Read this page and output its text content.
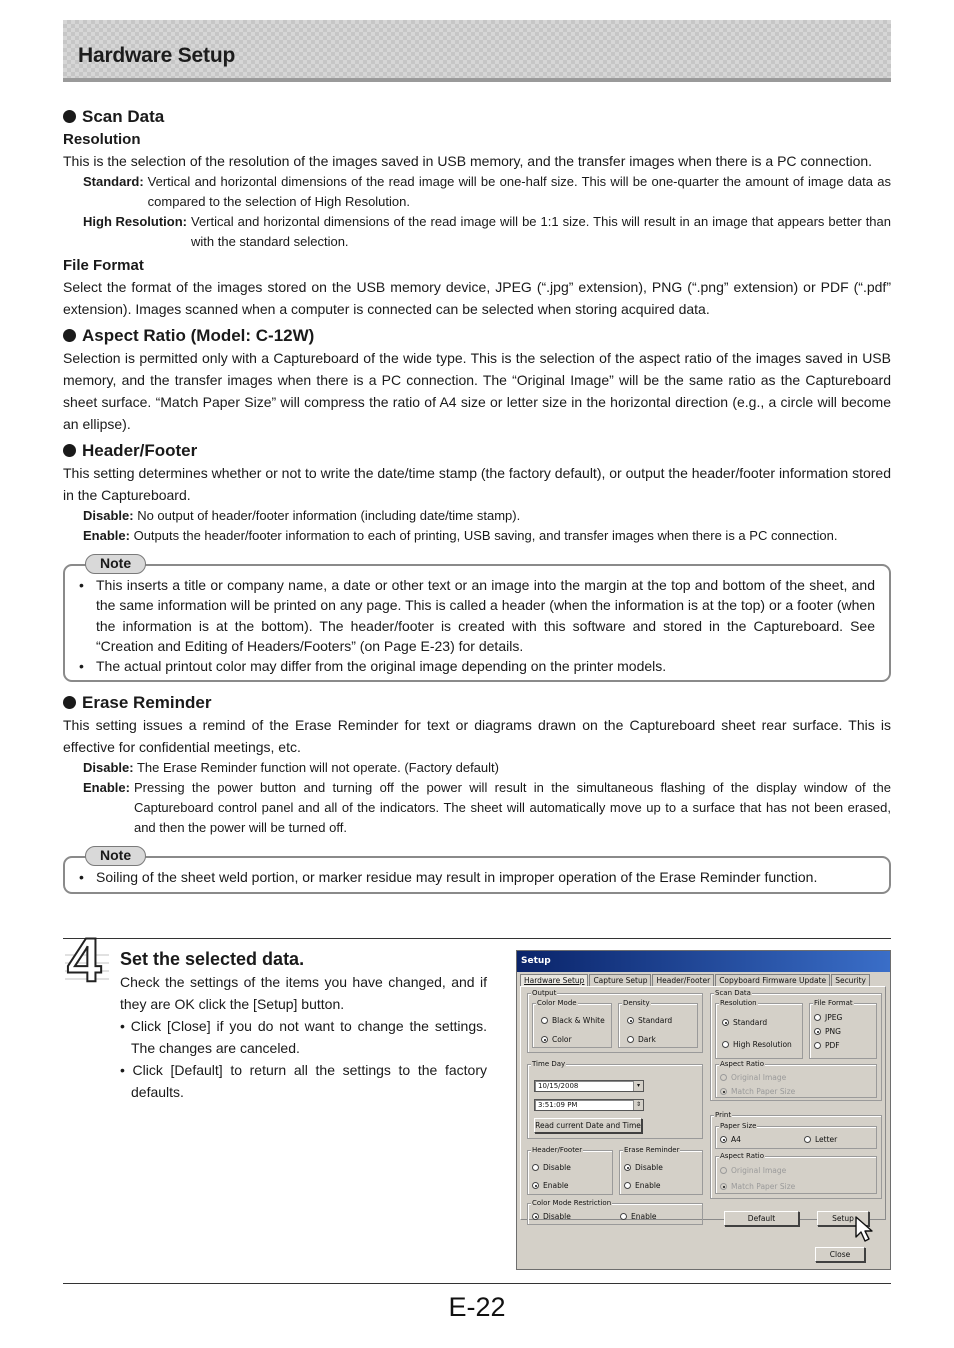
Hardware Setup
Scan Data
Resolution
This is the selection of the resolution of the images saved in USB memory, and the transfer images when there is a PC connection.
Standard: Vertical and horizontal dimensions of the read image will be one-half size. This will be one-quarter the amount of image data as compared to the selection of High Resolution.
High Resolution: Vertical and horizontal dimensions of the read image will be 1:1 size. This will result in an image that appears better than with the standard selection.
File Format
Select the format of the images stored on the USB memory device, JPEG (“.jpg” extension), PNG (“.png” extension) or PDF (“.pdf” extension). Images scanned when a computer is connected can be selected when storing acquired data.
Aspect Ratio (Model: C-12W)
Selection is permitted only with a Captureboard of the wide type. This is the selection of the aspect ratio of the images saved in USB memory, and the transfer images when there is a PC connection. The “Original Image” will be the same ratio as the Captureboard sheet surface. “Match Paper Size” will compress the ratio of A4 size or letter size in the horizontal direction (e.g., a circle will become an ellipse).
Header/Footer
This setting determines whether or not to write the date/time stamp (the factory default), or output the header/footer information stored in the Captureboard.
Disable: No output of header/footer information (including date/time stamp).
Enable: Outputs the header/footer information to each of printing, USB saving, and transfer images when there is a PC connection.
Note
• This inserts a title or company name, a date or other text or an image into the margin at the top and bottom of the sheet, and the same information will be printed on any page. This is called a header (when the information is at the top) or a footer (when the information is at the bottom). The header/footer is created with this software and stored in the Captureboard. See “Creation and Editing of Headers/Footers” (on Page E-23) for details.
• The actual printout color may differ from the original image depending on the printer models.
Erase Reminder
This setting issues a remind of the Erase Reminder for text or diagrams drawn on the Captureboard sheet rear surface. This is effective for confidential meetings, etc.
Disable: The Erase Reminder function will not operate. (Factory default)
Enable: Pressing the power button and turning off the power will result in the simultaneous flashing of the display window of the Captureboard control panel and all of the indicators. The sheet will automatically move up to a surface that has not been erased, and then the power will be turned off.
Note
• Soiling of the sheet weld portion, or marker residue may result in improper operation of the Erase Reminder function.
4 Set the selected data.
Check the settings of the items you have changed, and if they are OK click the [Setup] button.
• Click [Close] if you do not want to change the settings. The changes are canceled.
• Click [Default] to return all the settings to the factory defaults.
Setup
Hardware Setup	Capture Setup	Header/Footer	Copyboard Firmware Update	Security
Output
Color Mode
Black & White
Color
Density
Standard
Dark
Time Day
10/15/2008	▾
3:51:09 PM	⇕
Read current Date and Time
Header/Footer
Disable
Enable
Erase Reminder
Disable
Enable
Color Mode Restriction
Disable	Enable
Scan Data
Resolution
Standard
High Resolution
File Format
JPEG
PNG
PDF
Aspect Ratio
Original Image
Match Paper Size
Print
Paper Size
A4	Letter
Aspect Ratio
Original Image
Match Paper Size
Default	Setup
Close
E-22
